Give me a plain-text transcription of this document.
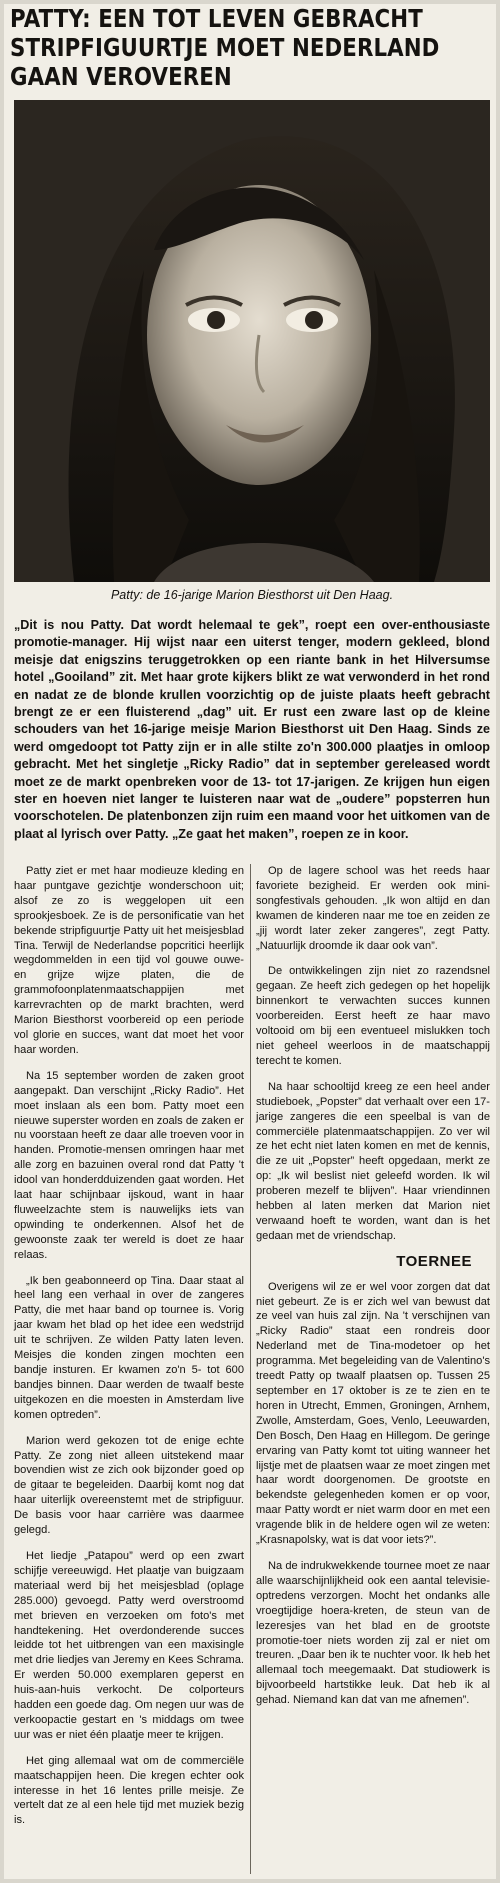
PATTY: EEN TOT LEVEN GEBRACHT STRIPFIGUURTJE MOET NEDERLAND GAAN VEROVEREN
Patty: de 16-jarige Marion Biesthorst uit Den Haag.
„Dit is nou Patty. Dat wordt helemaal te gek”, roept een over-enthousiaste promotie-manager. Hij wijst naar een uiterst tenger, modern gekleed, blond meisje dat enigszins teruggetrokken op een riante bank in het Hilversumse hotel „Gooiland” zit. Met haar grote kijkers blikt ze wat verwonderd in het rond en nadat ze de blonde krullen voorzichtig op de juiste plaats heeft gebracht brengt ze er een fluisterend „dag” uit. Er rust een zware last op de kleine schouders van het 16-jarige meisje Marion Biesthorst uit Den Haag. Sinds ze werd omgedoopt tot Patty zijn er in alle stilte zo'n 300.000 plaatjes in omloop gebracht. Met het singletje „Ricky Radio” dat in september gereleased wordt moet ze de markt openbreken voor de 13- tot 17-jarigen. Ze krijgen hun eigen ster en hoeven niet langer te luisteren naar wat de „oudere” popsterren hun voorschotelen. De platenbonzen zijn ruim een maand voor het uitkomen van de plaat al lyrisch over Patty. „Ze gaat het maken”, roepen ze in koor.

Patty ziet er met haar modieuze kleding en haar puntgave gezichtje wonderschoon uit; alsof ze zo is weggelopen uit een sprookjesboek. Ze is de personificatie van het bekende stripfiguurtje Patty uit het meisjesblad Tina. Terwijl de Nederlandse popcritici heerlijk wegdommelden in een tijd vol gouwe ouwe- en grijze wijze platen, die de grammofoonplatenmaatschappijen met karrevrachten op de markt brachten, werd Marion Biesthorst voorbereid op een periode vol glorie en succes, want dat moet het voor haar worden.

Na 15 september worden de zaken groot aangepakt. Dan verschijnt „Ricky Radio”. Het moet inslaan als een bom. Patty moet een nieuwe superster worden en zoals de zaken er nu voorstaan heeft ze daar alle troeven voor in handen. Promotie-mensen omringen haar met alle zorg en bazuinen overal rond dat Patty 't idool van honderdduizenden gaat worden. Het laat haar schijnbaar ijskoud, want in haar fluweelzachte stem is nauwelijks iets van opwinding te onderkennen. Alsof het de gewoonste zaak ter wereld is doet ze haar relaas.

„Ik ben geabonneerd op Tina. Daar staat al heel lang een verhaal in over de zangeres Patty, die met haar band op tournee is. Vorig jaar kwam het blad op het idee een wedstrijd uit te schrijven. Ze wilden Patty laten leven. Meisjes die konden zingen mochten een bandje insturen. Er kwamen zo'n 5- tot 600 bandjes binnen. Daar werden de twaalf beste uitgekozen en die moesten in Amsterdam live komen optreden”.

Marion werd gekozen tot de enige echte Patty. Ze zong niet alleen uitstekend maar bovendien wist ze zich ook bijzonder goed op de gitaar te begeleiden. Daarbij komt nog dat haar uiterlijk overeenstemt met de stripfiguur. De basis voor haar carrière was daarmee gelegd.

Het liedje „Patapou” werd op een zwart schijfje vereeuwigd. Het plaatje van buigzaam materiaal werd bij het meisjesblad (oplage 285.000) gevoegd. Patty werd overstroomd met brieven en verzoeken om foto's met handtekening. Het overdonderende succes leidde tot het uitbrengen van een maxisingle met drie liedjes van Jeremy en Kees Schrama. Er werden 50.000 exemplaren geperst en huis-aan-huis verkocht. De colporteurs hadden een goede dag. Om negen uur was de verkoopactie gestart en 's middags om twee uur was er niet één plaatje meer te krijgen.

Het ging allemaal wat om de commerciële maatschappijen heen. Die kregen echter ook interesse in het 16 lentes prille meisje. Ze vertelt dat ze al een hele tijd met muziek bezig is.

Op de lagere school was het reeds haar favoriete bezigheid. Er werden ook mini-songfestivals gehouden. „Ik won altijd en dan kwamen de kinderen naar me toe en zeiden ze „jij wordt later zeker zangeres”, zegt Patty. „Natuurlijk droomde ik daar ook van”.

De ontwikkelingen zijn niet zo razendsnel gegaan. Ze heeft zich gedegen op het hopelijk binnenkort te verwachten succes kunnen voorbereiden. Eerst heeft ze haar mavo voltooid om bij een eventueel mislukken toch niet geheel weerloos in de maatschappij terecht te komen.

Na haar schooltijd kreeg ze een heel ander studieboek, „Popster” dat verhaalt over een 17-jarige zangeres die een speelbal is van de commerciële platenmaatschappijen. Zo ver wil ze het echt niet laten komen en met de kennis, die ze uit „Popster” heeft opgedaan, merkt ze op: „Ik wil beslist niet geleefd worden. Ik wil proberen mezelf te blijven”. Haar vriendinnen hebben al laten merken dat Marion niet verwaand hoeft te worden, want dan is het gedaan met de vriendschap.

TOERNEE

Overigens wil ze er wel voor zorgen dat dat niet gebeurt. Ze is er zich wel van bewust dat ze veel van huis zal zijn. Na 't verschijnen van „Ricky Radio” staat een rondreis door Nederland met de Tina-modetoer op het programma. Met begeleiding van de Valentino's treedt Patty op twaalf plaatsen op. Tussen 25 september en 17 oktober is ze te zien en te horen in Utrecht, Emmen, Groningen, Arnhem, Zwolle, Amsterdam, Goes, Venlo, Leeuwarden, Den Bosch, Den Haag en Hillegom. De geringe ervaring van Patty komt tot uiting wanneer het lijstje met de plaatsen waar ze moet zingen met haar wordt doorgenomen. De grootste en bekendste gelegenheden komen er op voor, maar Patty wordt er niet warm door en met een vragende blik in de heldere ogen wil ze weten: „Krasnapolsky, wat is dat voor iets?”.

Na de indrukwekkende tournee moet ze naar alle waarschijnlijkheid ook een aantal televisie-optredens verzorgen. Mocht het ondanks alle vroegtijdige hoera-kreten, de steun van de lezeresjes van het blad en de grootste promotie-toer niets worden zij zal er niet om treuren. „Daar ben ik te nuchter voor. Ik heb het allemaal toch meegemaakt. Dat studiowerk is bijvoorbeeld hartstikke leuk. Dat heb ik al gehad. Niemand kan dat van me afnemen”.
